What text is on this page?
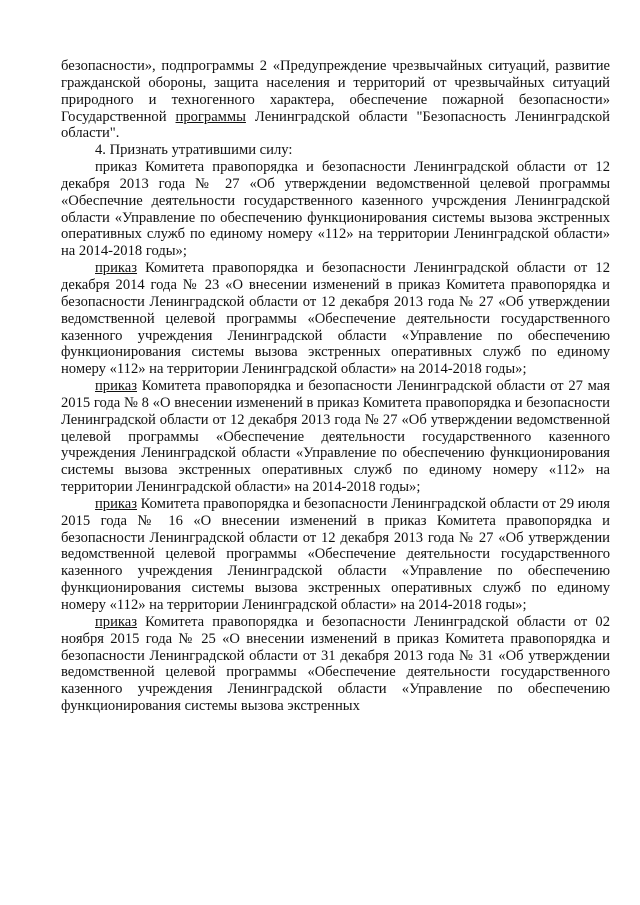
безопасности», подпрограммы 2 «Предупреждение чрезвычайных ситуаций, развитие гражданской обороны, защита населения и территорий от чрезвычайных ситуаций природного и техногенного характера, обеспечение пожарной безопасности» Государственной программы Ленинградской области "Безопасность Ленинградской области".

4. Признать утратившими силу:

приказ Комитета правопорядка и безопасности Ленинградской области от 12 декабря 2013 года № 27 «Об утверждении ведомственной целевой программы «Обеспечние деятельности государственного казенного учрсждения Ленинградской области «Управление по обеспечению функционирования системы вызова экстренных оперативных служб по единому номеру «112» на территории Ленинградской области» на 2014-2018 годы»;

приказ Комитета правопорядка и безопасности Ленинградской области от 12 декабря 2014 года № 23 «О внесении изменений в приказ Комитета правопорядка и безопасности Ленинградской области от 12 декабря 2013 года № 27 «Об утверждении ведомственной целевой программы «Обеспечение деятельности государственного казенного учреждения Ленинградской области «Управление по обеспечению функционирования системы вызова экстренных оперативных служб по единому номеру «112» на территории Ленинградской области» на 2014-2018 годы»;

приказ Комитета правопорядка и безопасности Ленинградской области от 27 мая 2015 года № 8 «О внесении изменений в приказ Комитета правопорядка и безопасности Ленинградской области от 12 декабря 2013 года № 27 «Об утверждении ведомственной целевой программы «Обеспечение деятельности государственного казенного учреждения Ленинградской области «Управление по обеспечению функционирования системы вызова экстренных оперативных служб по единому номеру «112» на территории Ленинградской области» на 2014-2018 годы»;

приказ Комитета правопорядка и безопасности Ленинградской области от 29 июля 2015 года № 16 «О внесении изменений в приказ Комитета правопорядка и безопасности Ленинградской области от 12 декабря 2013 года № 27 «Об утверждении ведомственной целевой программы «Обеспечение деятельности государственного казенного учреждения Ленинградской области «Управление по обеспечению функционирования системы вызова экстренных оперативных служб по единому номеру «112» на территории Ленинградской области» на 2014-2018 годы»;

приказ Комитета правопорядка и безопасности Ленинградской области от 02 ноября 2015 года № 25 «О внесении изменений в приказ Комитета правопорядка и безопасности Ленинградской области от 31 декабря 2013 года № 31 «Об утверждении ведомственной целевой программы «Обеспечение деятельности государственного казенного учреждения Ленинградской области «Управление по обеспечению функционирования системы вызова экстренных
